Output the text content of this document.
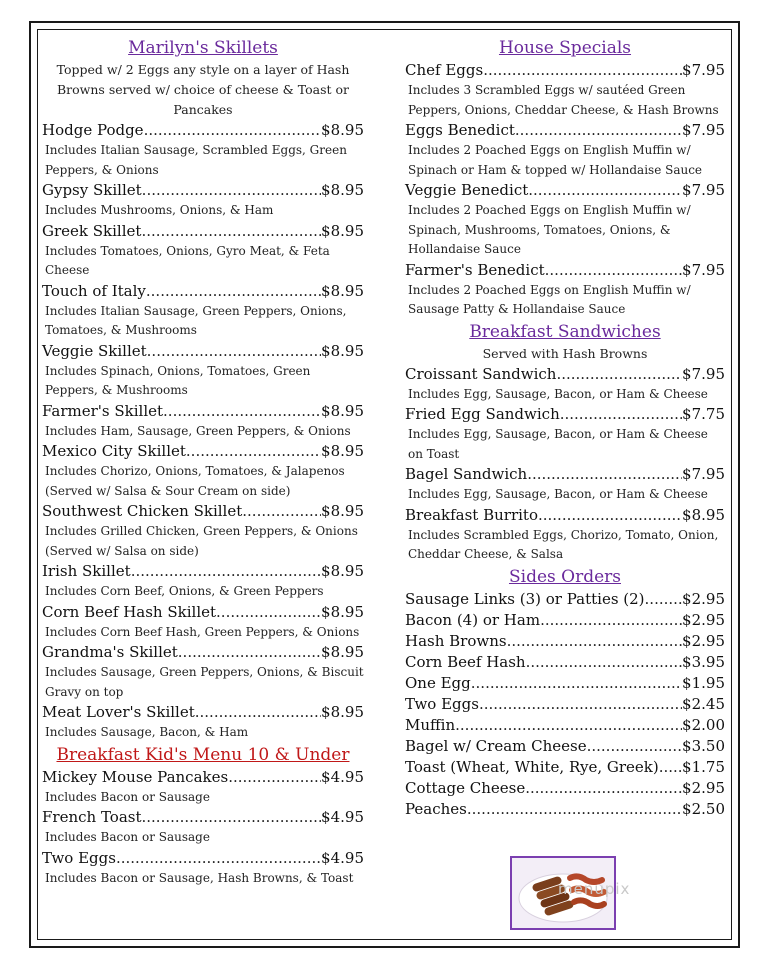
Marilyn's Skillets
Topped w/ 2 Eggs any style on a layer of Hash Browns served w/ choice of cheese & Toast or Pancakes
Hodge Podge .....	$8.95
Includes Italian Sausage, Scrambled Eggs, Green Peppers, & Onions
Gypsy Skillet .....	$8.95
Includes Mushrooms, Onions, & Ham
Greek Skillet .....	$8.95
Includes Tomatoes, Onions, Gyro Meat, & Feta Cheese
Touch of Italy .....	$8.95
Includes Italian Sausage, Green Peppers, Onions, Tomatoes, & Mushrooms
Veggie Skillet .....	$8.95
Includes Spinach, Onions, Tomatoes, Green Peppers, & Mushrooms
Farmer's Skillet .....	$8.95
Includes Ham, Sausage, Green Peppers, & Onions
Mexico City Skillet .....	$8.95
Includes Chorizo, Onions, Tomatoes, & Jalapenos (Served w/ Salsa & Sour Cream on side)
Southwest Chicken Skillet .....	$8.95
Includes Grilled Chicken, Green Peppers, & Onions (Served w/ Salsa on side)
Irish Skillet .....	$8.95
Includes Corn Beef, Onions, & Green Peppers
Corn Beef Hash Skillet .....	$8.95
Includes Corn Beef Hash, Green Peppers, & Onions
Grandma's Skillet .....	$8.95
Includes Sausage, Green Peppers, Onions, & Biscuit Gravy on top
Meat Lover's Skillet .....	$8.95
Includes Sausage, Bacon, & Ham
Breakfast Kid's Menu 10 & Under
Mickey Mouse Pancakes .....	$4.95
Includes Bacon or Sausage
French Toast .....	$4.95
Includes Bacon or Sausage
Two Eggs .....	$4.95
Includes Bacon or Sausage, Hash Browns, & Toast
House Specials
Chef Eggs .....	$7.95
Includes 3 Scrambled Eggs w/ sautéed Green Peppers, Onions, Cheddar Cheese, & Hash Browns
Eggs Benedict .....	$7.95
Includes 2 Poached Eggs on English Muffin w/ Spinach or Ham & topped w/ Hollandaise Sauce
Veggie Benedict .....	$7.95
Includes 2 Poached Eggs on English Muffin w/ Spinach, Mushrooms, Tomatoes, Onions, & Hollandaise Sauce
Farmer's Benedict .....	$7.95
Includes 2 Poached Eggs on English Muffin w/ Sausage Patty & Hollandaise Sauce
Breakfast Sandwiches
Served with Hash Browns
Croissant Sandwich .....	$7.95
Includes Egg, Sausage, Bacon, or Ham & Cheese
Fried Egg Sandwich .....	$7.75
Includes Egg, Sausage, Bacon, or Ham & Cheese on Toast
Bagel Sandwich .....	$7.95
Includes Egg, Sausage, Bacon, or Ham & Cheese
Breakfast Burrito .....	$8.95
Includes Scrambled Eggs, Chorizo, Tomato, Onion, Cheddar Cheese, & Salsa
Sides Orders
Sausage Links (3) or Patties (2) .....	$2.95
Bacon (4) or Ham .....	$2.95
Hash Browns .....	$2.95
Corn Beef Hash .....	$3.95
One Egg .....	$1.95
Two Eggs .....	$2.45
Muffin .....	$2.00
Bagel w/ Cream Cheese .....	$3.50
Toast (Wheat, White, Rye, Greek) ..... $1.75
Cottage Cheese .....	$2.95
Peaches .....	$2.50
menupix
